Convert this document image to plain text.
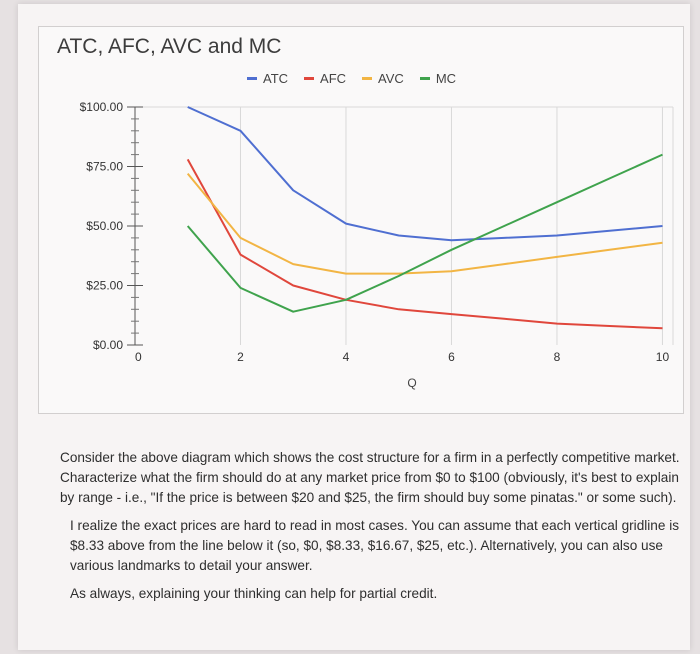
ATC, AFC, AVC and MC
ATC AFC AVC MC
$0.00
$25.00
$50.00
$75.00
$100.00
0	2	4	6	8	10
Q

Consider the above diagram which shows the cost structure for a firm in a perfectly competitive market. Characterize what the firm should do at any market price from $0 to $100 (obviously, it's best to explain by range - i.e., "If the price is between $20 and $25, the firm should buy some pinatas." or some such).

I realize the exact prices are hard to read in most cases. You can assume that each vertical gridline is $8.33 above from the line below it (so, $0, $8.33, $16.67, $25, etc.). Alternatively, you can also use various landmarks to detail your answer.

As always, explaining your thinking can help for partial credit.
